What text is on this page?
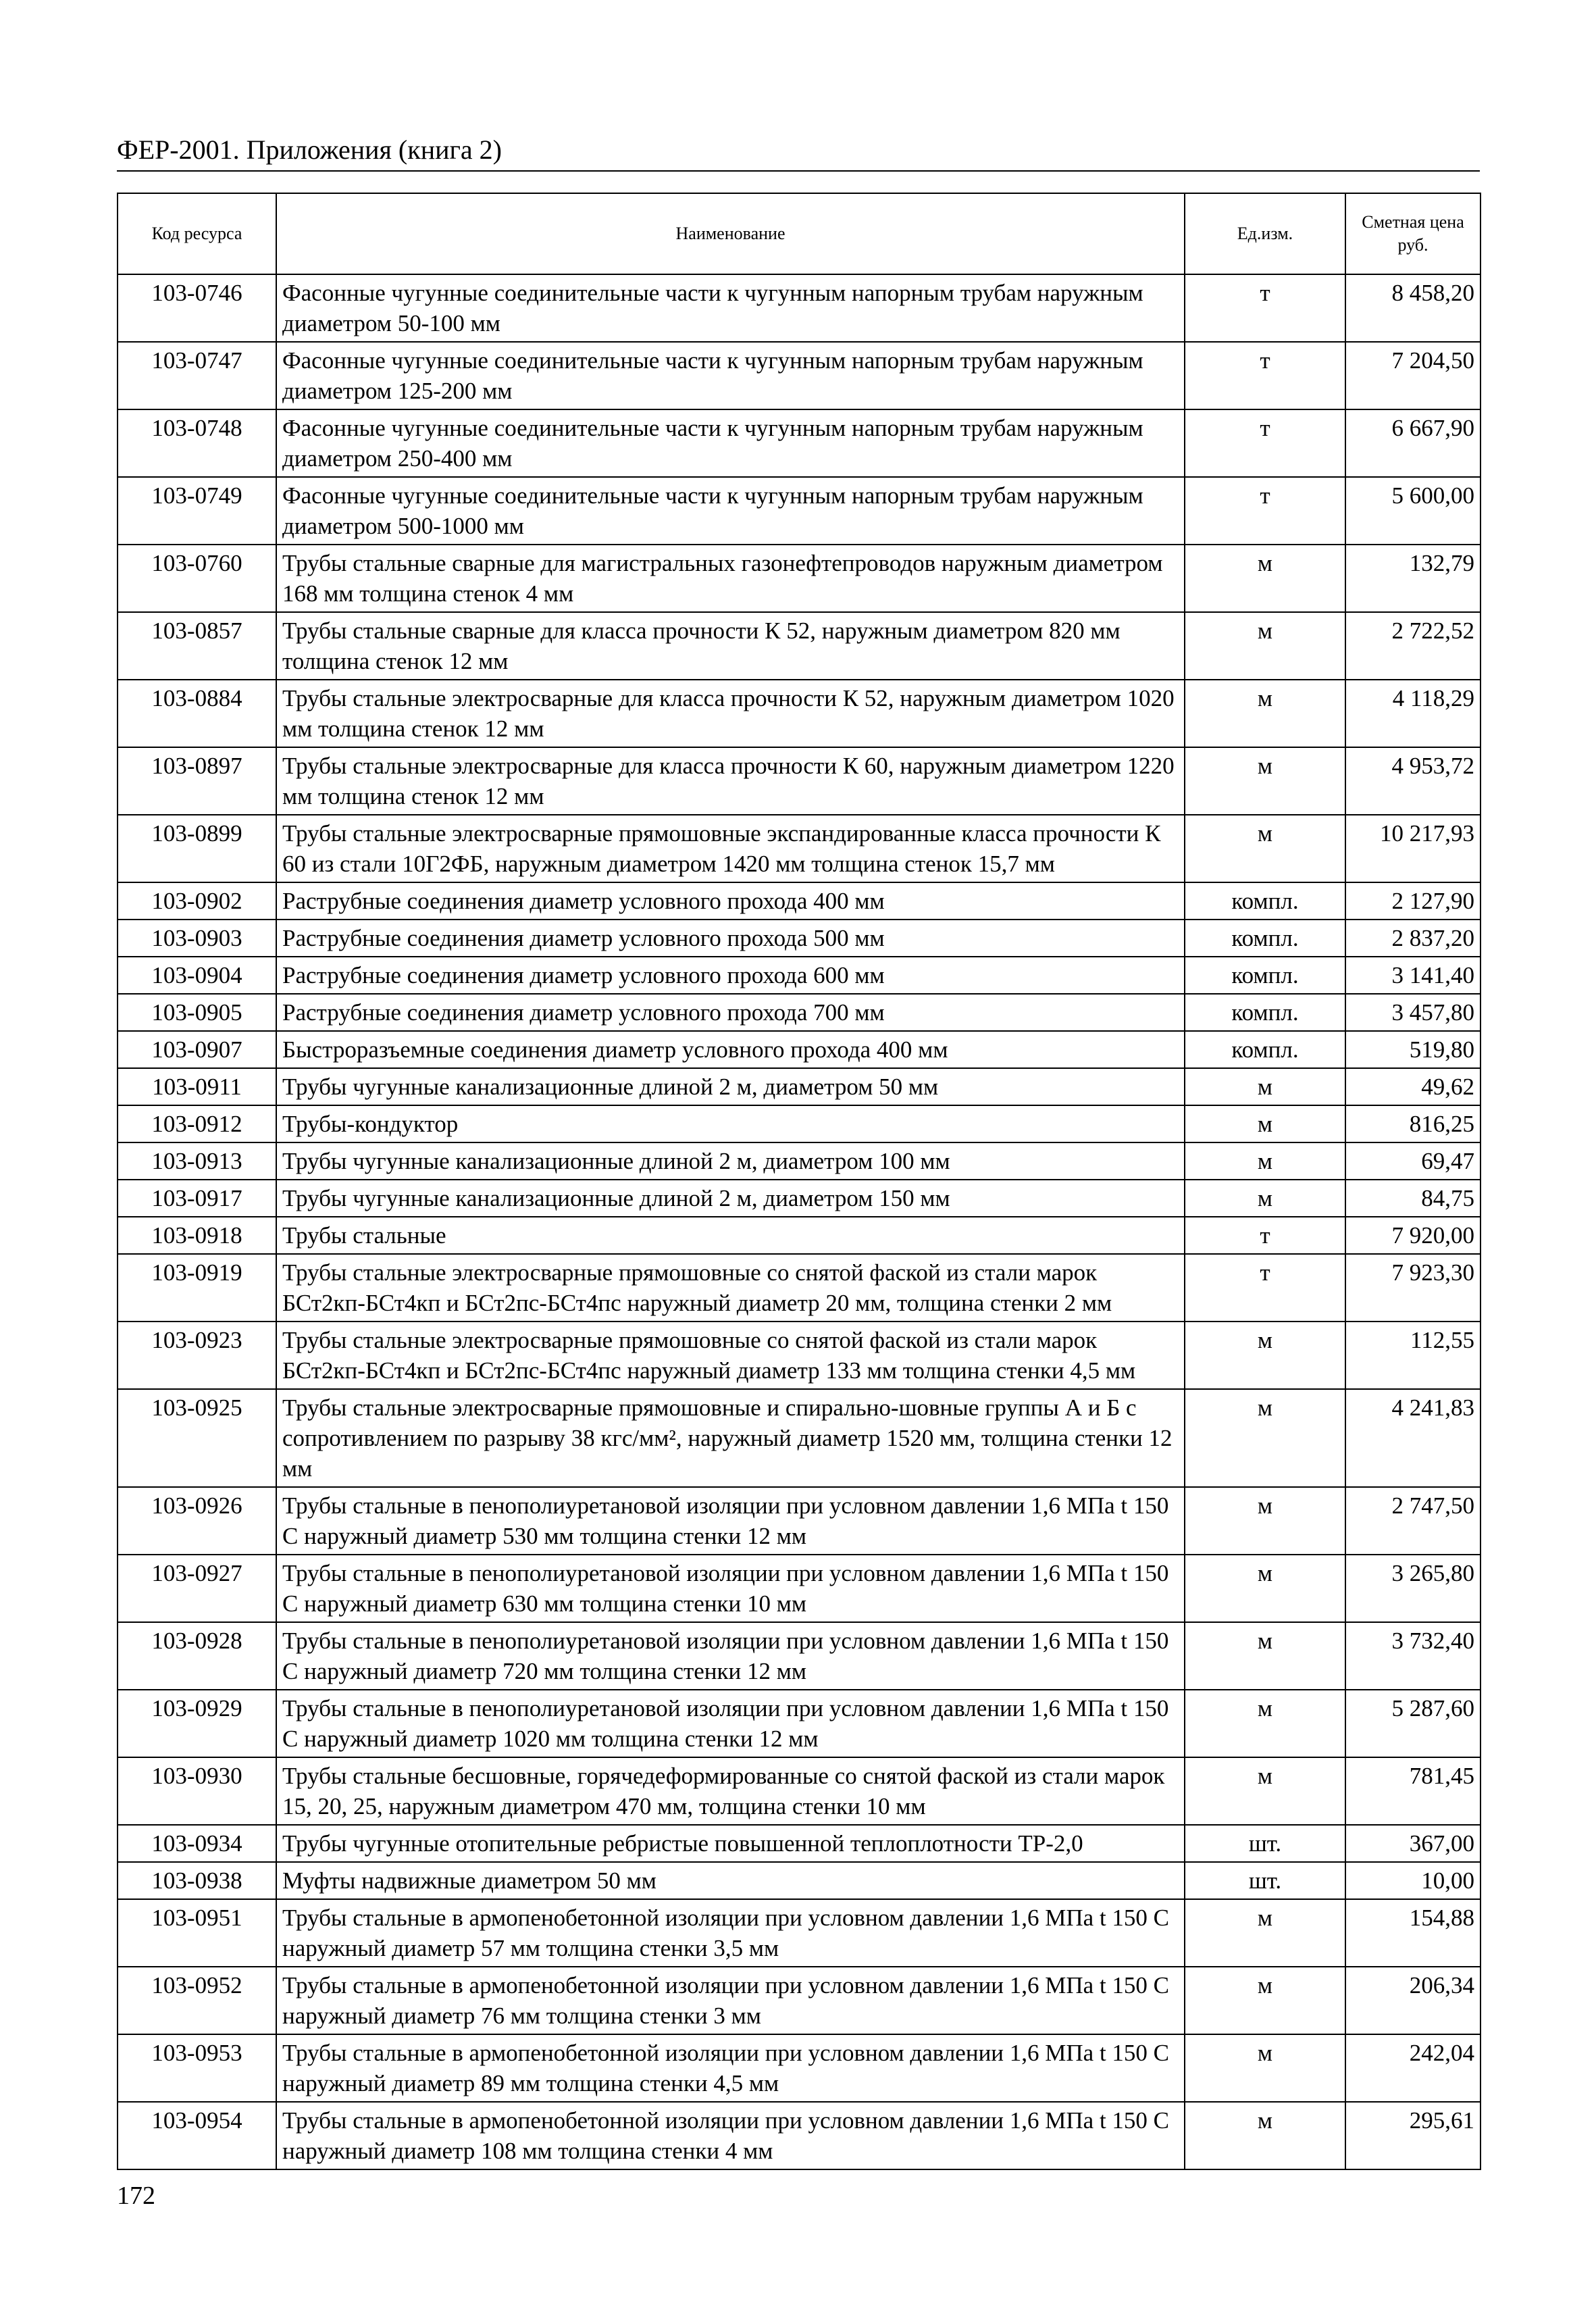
ФЕР-2001. Приложения (книга 2)
Код ресурса	Наименование	Ед.изм.	Сметная цена руб.
103-0746	Фасонные чугунные соединительные части к чугунным напорным трубам наружным диаметром 50-100 мм	т	8 458,20
103-0747	Фасонные чугунные соединительные части к чугунным напорным трубам наружным диаметром 125-200 мм	т	7 204,50
103-0748	Фасонные чугунные соединительные части к чугунным напорным трубам наружным диаметром 250-400 мм	т	6 667,90
103-0749	Фасонные чугунные соединительные части к чугунным напорным трубам наружным диаметром 500-1000 мм	т	5 600,00
103-0760	Трубы стальные сварные для магистральных газонефтепроводов наружным диаметром 168 мм толщина стенок 4 мм	м	132,79
103-0857	Трубы стальные сварные для класса прочности К 52, наружным диаметром 820 мм толщина стенок 12 мм	м	2 722,52
103-0884	Трубы стальные электросварные для класса прочности К 52, наружным диаметром 1020 мм толщина стенок 12 мм	м	4 118,29
103-0897	Трубы стальные электросварные для класса прочности К 60, наружным диаметром 1220 мм толщина стенок 12 мм	м	4 953,72
103-0899	Трубы стальные электросварные прямошовные экспандированные класса прочности К 60 из стали 10Г2ФБ, наружным диаметром 1420 мм толщина стенок 15,7 мм	м	10 217,93
103-0902	Раструбные соединения диаметр условного прохода 400 мм	компл.	2 127,90
103-0903	Раструбные соединения диаметр условного прохода 500 мм	компл.	2 837,20
103-0904	Раструбные соединения диаметр условного прохода 600 мм	компл.	3 141,40
103-0905	Раструбные соединения диаметр условного прохода 700 мм	компл.	3 457,80
103-0907	Быстроразъемные соединения диаметр условного прохода 400 мм	компл.	519,80
103-0911	Трубы чугунные канализационные длиной 2 м, диаметром 50 мм	м	49,62
103-0912	Трубы-кондуктор	м	816,25
103-0913	Трубы чугунные канализационные длиной 2 м, диаметром 100 мм	м	69,47
103-0917	Трубы чугунные канализационные длиной 2 м, диаметром 150 мм	м	84,75
103-0918	Трубы стальные	т	7 920,00
103-0919	Трубы стальные электросварные прямошовные со снятой фаской из стали марок БСт2кп-БСт4кп и БСт2пс-БСт4пс наружный диаметр 20 мм, толщина стенки 2 мм	т	7 923,30
103-0923	Трубы стальные электросварные прямошовные со снятой фаской из стали марок БСт2кп-БСт4кп и БСт2пс-БСт4пс наружный диаметр 133 мм толщина стенки 4,5 мм	м	112,55
103-0925	Трубы стальные электросварные прямошовные и спирально-шовные группы А и Б с сопротивлением по разрыву 38 кгс/мм², наружный диаметр 1520 мм, толщина стенки 12 мм	м	4 241,83
103-0926	Трубы стальные в пенополиуретановой изоляции при условном давлении 1,6 МПа t 150 С наружный диаметр 530 мм толщина стенки 12 мм	м	2 747,50
103-0927	Трубы стальные в пенополиуретановой изоляции при условном давлении 1,6 МПа t 150 С наружный диаметр 630 мм толщина стенки 10 мм	м	3 265,80
103-0928	Трубы стальные в пенополиуретановой изоляции при условном давлении 1,6 МПа t 150 С наружный диаметр 720 мм толщина стенки 12 мм	м	3 732,40
103-0929	Трубы стальные в пенополиуретановой изоляции при условном давлении 1,6 МПа t 150 С наружный диаметр 1020 мм толщина стенки 12 мм	м	5 287,60
103-0930	Трубы стальные бесшовные, горячедеформированные со снятой фаской из стали марок 15, 20, 25, наружным диаметром 470 мм, толщина стенки 10 мм	м	781,45
103-0934	Трубы чугунные отопительные ребристые повышенной теплоплотности ТР-2,0	шт.	367,00
103-0938	Муфты надвижные диаметром 50 мм	шт.	10,00
103-0951	Трубы стальные в армопенобетонной изоляции при условном давлении 1,6 МПа t 150 С наружный диаметр 57 мм толщина стенки 3,5 мм	м	154,88
103-0952	Трубы стальные в армопенобетонной изоляции при условном давлении 1,6 МПа t 150 С наружный диаметр 76 мм толщина стенки 3 мм	м	206,34
103-0953	Трубы стальные в армопенобетонной изоляции при условном давлении 1,6 МПа t 150 С наружный диаметр 89 мм толщина стенки 4,5 мм	м	242,04
103-0954	Трубы стальные в армопенобетонной изоляции при условном давлении 1,6 МПа t 150 С наружный диаметр 108 мм толщина стенки 4 мм	м	295,61
172
